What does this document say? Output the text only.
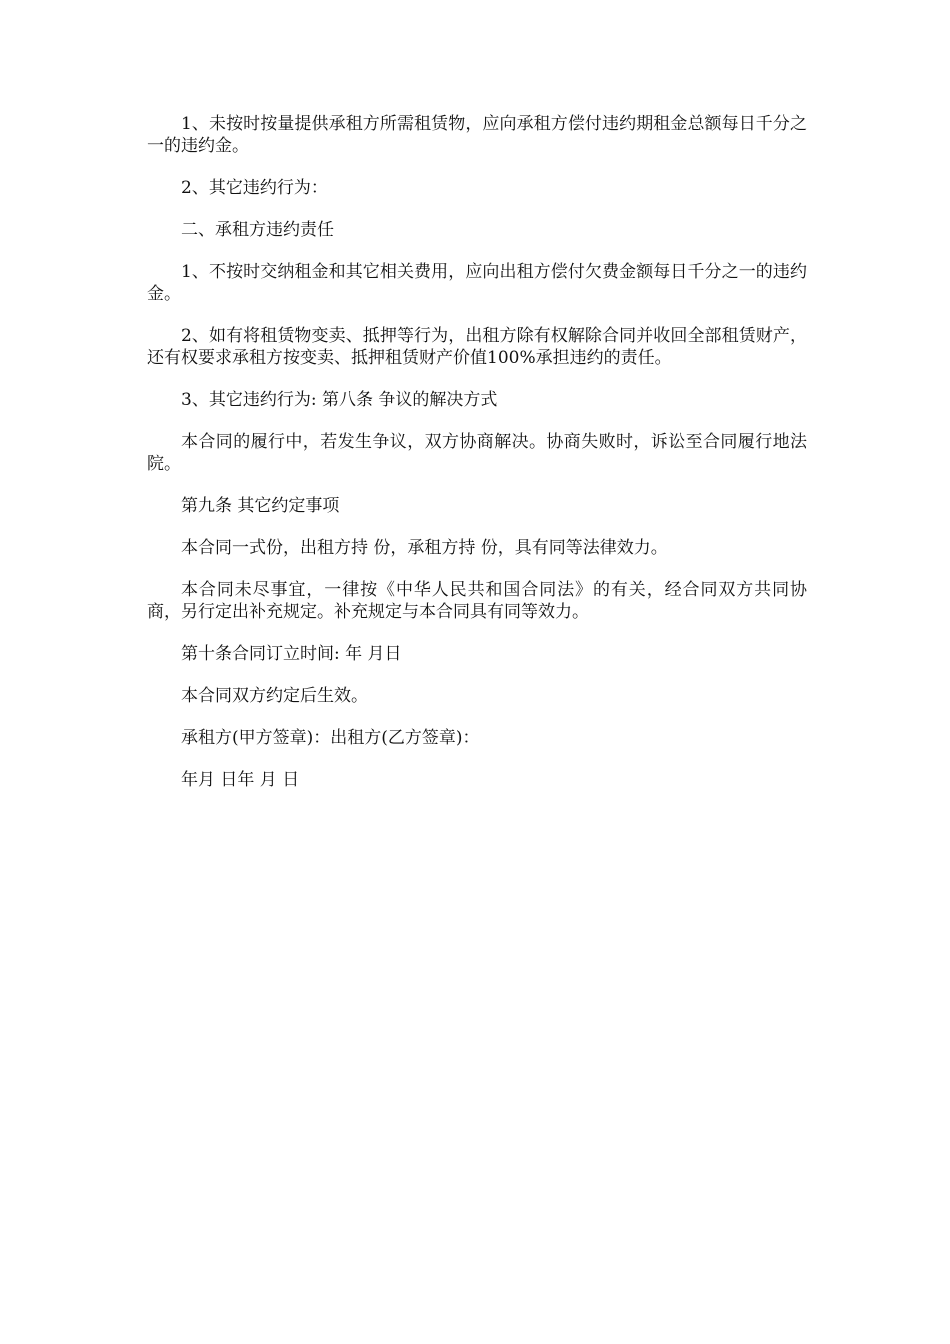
1、未按时按量提供承租方所需租赁物，应向承租方偿付违约期租金总额每日千分之一的违约金。

2、其它违约行为：

二、承租方违约责任

1、不按时交纳租金和其它相关费用，应向出租方偿付欠费金额每日千分之一的违约金。

2、如有将租赁物变卖、抵押等行为，出租方除有权解除合同并收回全部租赁财产，还有权要求承租方按变卖、抵押租赁财产价值100%承担违约的责任。

3、其它违约行为: 第八条 争议的解决方式

本合同的履行中，若发生争议，双方协商解决。协商失败时，诉讼至合同履行地法院。

第九条 其它约定事项

本合同一式份，出租方持 份，承租方持 份，具有同等法律效力。

本合同未尽事宜，一律按《中华人民共和国合同法》的有关，经合同双方共同协商，另行定出补充规定。补充规定与本合同具有同等效力。

第十条合同订立时间: 年 月日

本合同双方约定后生效。

承租方(甲方签章)：出租方(乙方签章)：

年月 日年 月 日
